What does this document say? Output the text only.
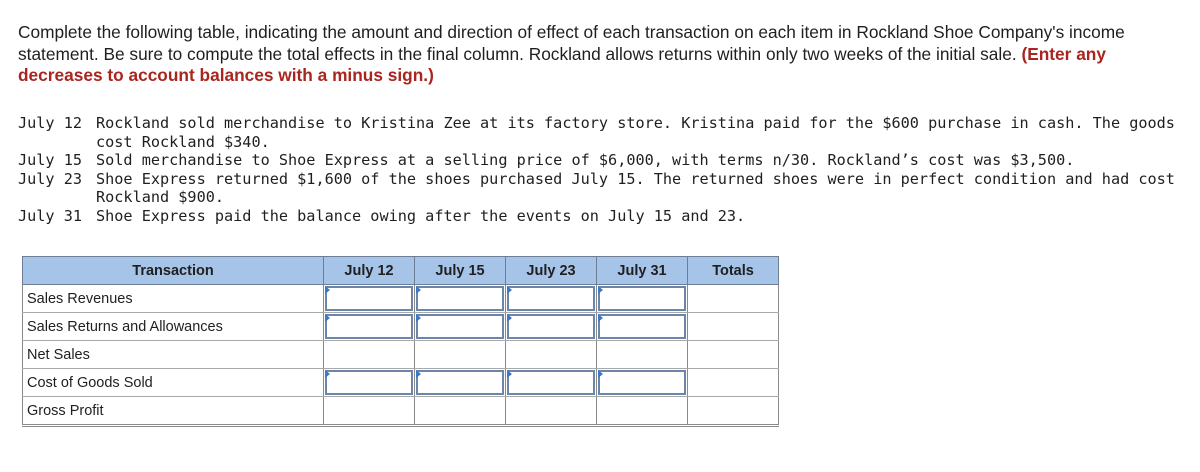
Complete the following table, indicating the amount and direction of effect of each transaction on each item in Rockland Shoe Company's income statement. Be sure to compute the total effects in the final column. Rockland allows returns within only two weeks of the initial sale. (Enter any decreases to account balances with a minus sign.)
July 12 Rockland sold merchandise to Kristina Zee at its factory store. Kristina paid for the $600 purchase in cash. The goods cost Rockland $340.
July 15 Sold merchandise to Shoe Express at a selling price of $6,000, with terms n/30. Rockland’s cost was $3,500.
July 23 Shoe Express returned $1,600 of the shoes purchased July 15. The returned shoes were in perfect condition and had cost Rockland $900.
July 31 Shoe Express paid the balance owing after the events on July 15 and 23.
Transaction	July 12	July 15	July 23	July 31	Totals
Sales Revenues	

Sales Returns and Allowances	

Net Sales					
Cost of Goods Sold	

Gross Profit					
